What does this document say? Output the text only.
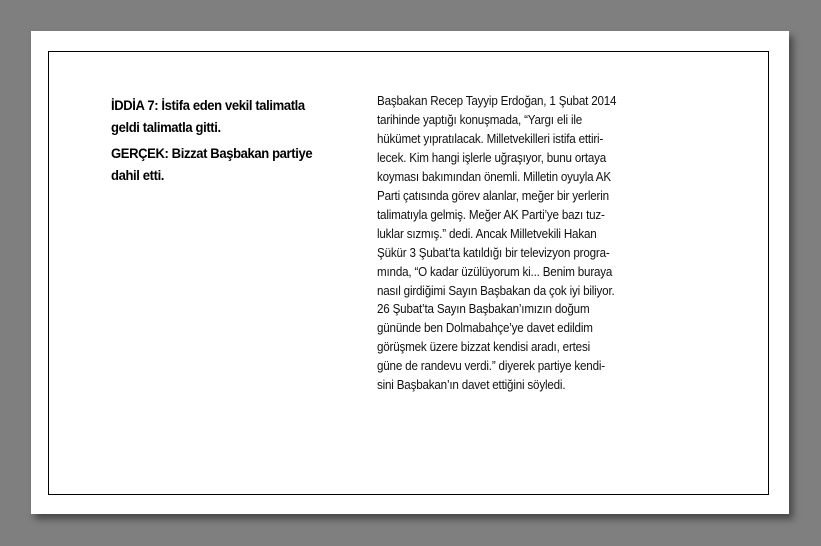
İDDİA 7: İstifa eden vekil talimatla geldi talimatla gitti.

GERÇEK: Bizzat Başbakan partiye dahil etti.

Başbakan Recep Tayyip Erdoğan, 1 Şubat 2014
tarihinde yaptığı konuşmada, “Yargı eli ile
hükümet yıpratılacak. Milletvekilleri istifa ettiri-
lecek. Kim hangi işlerle uğraşıyor, bunu ortaya
koyması bakımından önemli. Milletin oyuyla AK
Parti çatısında görev alanlar, meğer bir yerlerin
talimatıyla gelmiş. Meğer AK Parti’ye bazı tuz-
luklar sızmış.” dedi. Ancak Milletvekili Hakan
Şükür 3 Şubat’ta katıldığı bir televizyon progra-
mında, “O kadar üzülüyorum ki... Benim buraya
nasıl girdiğimi Sayın Başbakan da çok iyi biliyor.
26 Şubat’ta Sayın Başbakan’ımızın doğum
gününde ben Dolmabahçe’ye davet edildim
görüşmek üzere bizzat kendisi aradı, ertesi
güne de randevu verdi.” diyerek partiye kendi-
sini Başbakan’ın davet ettiğini söyledi.
